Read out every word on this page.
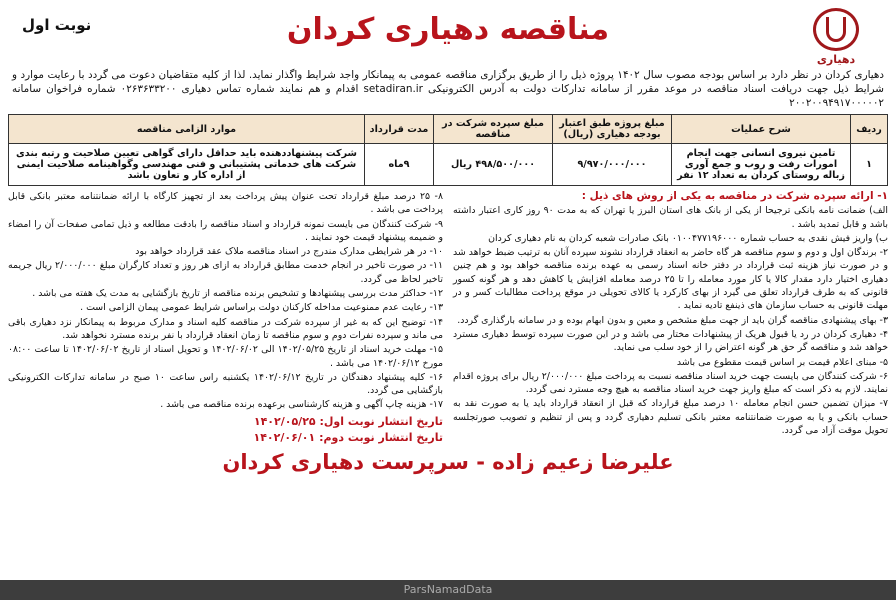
دهیاری
مناقصه دهیاری کردان
نوبت اول
دهیاری کردان در نظر دارد بر اساس بودجه مصوب سال ۱۴۰۲ پروژه ذیل را از طریق برگزاری مناقصه عمومی به پیمانکار واجد شرایط واگذار نماید. لذا از کلیه متقاضیان دعوت می گردد با رعایت موارد و شرایط ذیل جهت دریافت اسناد مناقصه در موعد مقرر از سامانه تدارکات دولت به آدرس الکترونیکی setadiran.ir اقدام و هم نمایند شماره تماس دهیاری ۰۲۶۳۶۳۳۲۰۰ شماره فراخوان سامانه ۲۰۰۲۰۰۹۴۹۱۷۰۰۰۰۰۲
ردیف	شرح عملیات	مبلغ پروژه طبق اعتبار بودجه دهیاری (ریال)	مبلغ سپرده شرکت در مناقصه	مدت قرارداد	موارد الزامی مناقصه
۱	تامین نیروی انسانی جهت انجام امورات رفت و روب و جمع آوری زباله روستای کردان به تعداد ۱۲ نفر	۹/۹۷۰/۰۰۰/۰۰۰	۴۹۸/۵۰۰/۰۰۰ ریال	۹ماه	شرکت پیشنهاددهنده باید حداقل دارای گواهی تعیین صلاحیت و رتبه بندی شرکت های خدماتی پشتیبانی و فنی مهندسی وگواهینامه صلاحیت ایمنی از اداره کار و تعاون باشد

۱- ارائه سپرده شرکت در مناقصه به یکی از روش های ذیل :

الف) ضمانت نامه بانکی ترجیحا از یکی از بانک های استان البرز یا تهران که به مدت ۹۰ روز کاری اعتبار داشته باشد و قابل تمدید باشد .

ب) واریز فیش نقدی به حساب شماره ۰۱۰۰۴۷۷۱۹۶۰۰۰ بانک صادرات شعبه کردان به نام دهیاری کردان

۲- برندگان اول و دوم و سوم مناقصه هر گاه حاضر به انعقاد قرارداد نشوند سپرده آنان به ترتیب ضبط خواهد شد و در صورت نیاز هزینه ثبت قرارداد در دفتر خانه اسناد رسمی به عهده برنده مناقصه خواهد بود و هم چنین دهیاری اختیار دارد مقدار کالا یا کار مورد معامله را تا ۲۵ درصد معامله افزایش یا کاهش دهد و هر گونه کسور قانونی که به طرف قرارداد تعلق می گیرد از بهای کارکرد یا کالای تحویلی در موقع پرداخت مطالبات کسر و در مهلت قانونی به حساب سازمان های ذینفع تادیه نماید .

۳- بهای پیشنهادی مناقصه گران باید از جهت مبلغ مشخص و معین و بدون ابهام بوده و در سامانه بارگذاری گردد.

۴- دهیاری کردان در رد یا قبول هریک از پیشنهادات مختار می باشد و در این صورت سپرده توسط دهیاری مسترد خواهد شد و مناقصه گر حق هر گونه اعتراض را از خود سلب می نماید.

۵- مبنای اعلام قیمت بر اساس قیمت مقطوع می باشد

۶- شرکت کنندگان می بایست جهت خرید اسناد مناقصه نسبت به پرداخت مبلغ ۲/۰۰۰/۰۰۰ ریال برای پروژه اقدام نمایند. لازم به ذکر است که مبلغ واریز جهت خرید اسناد مناقصه به هیچ وجه مسترد نمی گردد.

۷- میزان تضمین حسن انجام معامله ۱۰ درصد مبلغ قرارداد که قبل از انعقاد قرارداد باید یا به صورت نقد به حساب بانکی و یا به صورت ضمانتنامه معتبر بانکی تسلیم دهیاری گردد و پس از تنظیم و تصویب صورتجلسه تحویل موقت آزاد می گردد.

۸- ۲۵ درصد مبلغ قرارداد تحت عنوان پیش پرداخت بعد از تجهیز کارگاه با ارائه ضمانتنامه معتبر بانکی قابل پرداخت می باشد .

۹- شرکت کنندگان می بایست نمونه قرارداد و اسناد مناقصه را بادقت مطالعه و ذیل تمامی صفحات آن را امضاء و ضمیمه پیشنهاد قیمت خود نمایند .

۱۰- در هر شرایطی مدارک مندرج در اسناد مناقصه ملاک عقد قرارداد خواهد بود

۱۱- در صورت تاخیر در انجام خدمت مطابق قرارداد به ازای هر روز و تعداد کارگران مبلغ ۲/۰۰۰/۰۰۰ ریال جریمه تاخیر لحاظ می گردد.

۱۲- حداکثر مدت بررسی پیشنهادها و تشخیص برنده مناقصه از تاریخ بازگشایی به مدت یک هفته می باشد .

۱۳- رعایت عدم ممنوعیت مداخله کارکنان دولت براساس شرایط عمومی پیمان الزامی است .

۱۴- توضیح این که به غیر از سپرده شرکت در مناقصه کلیه اسناد و مدارک مربوط به پیمانکار نزد دهیاری باقی می ماند و سپرده نفرات دوم و سوم مناقصه تا زمان انعقاد قرارداد با نفر برنده مسترد نخواهد شد.

۱۵- مهلت خرید اسناد از تاریخ ۱۴۰۲/۰۵/۲۵ الی ۱۴۰۲/۰۶/۰۲ و تحویل اسناد از تاریخ ۱۴۰۲/۰۶/۰۲ تا ساعت ۰۸:۰۰ مورخ ۱۴۰۲/۰۶/۱۲ می باشد .

۱۶- کلیه پیشنهاد دهندگان در تاریخ ۱۴۰۲/۰۶/۱۲ یکشنبه راس ساعت ۱۰ صبح در سامانه تدارکات الکترونیکی بازگشایی می گردد.

۱۷- هزینه چاپ آگهی و هزینه کارشناسی برعهده برنده مناقصه می باشد .

تاریخ انتشار نوبت اول: ۱۴۰۲/۰۵/۲۵
تاریخ انتشار نوبت دوم: ۱۴۰۲/۰۶/۰۱
علیرضا زعیم زاده - سرپرست دهیاری کردان
ParsNamadData
